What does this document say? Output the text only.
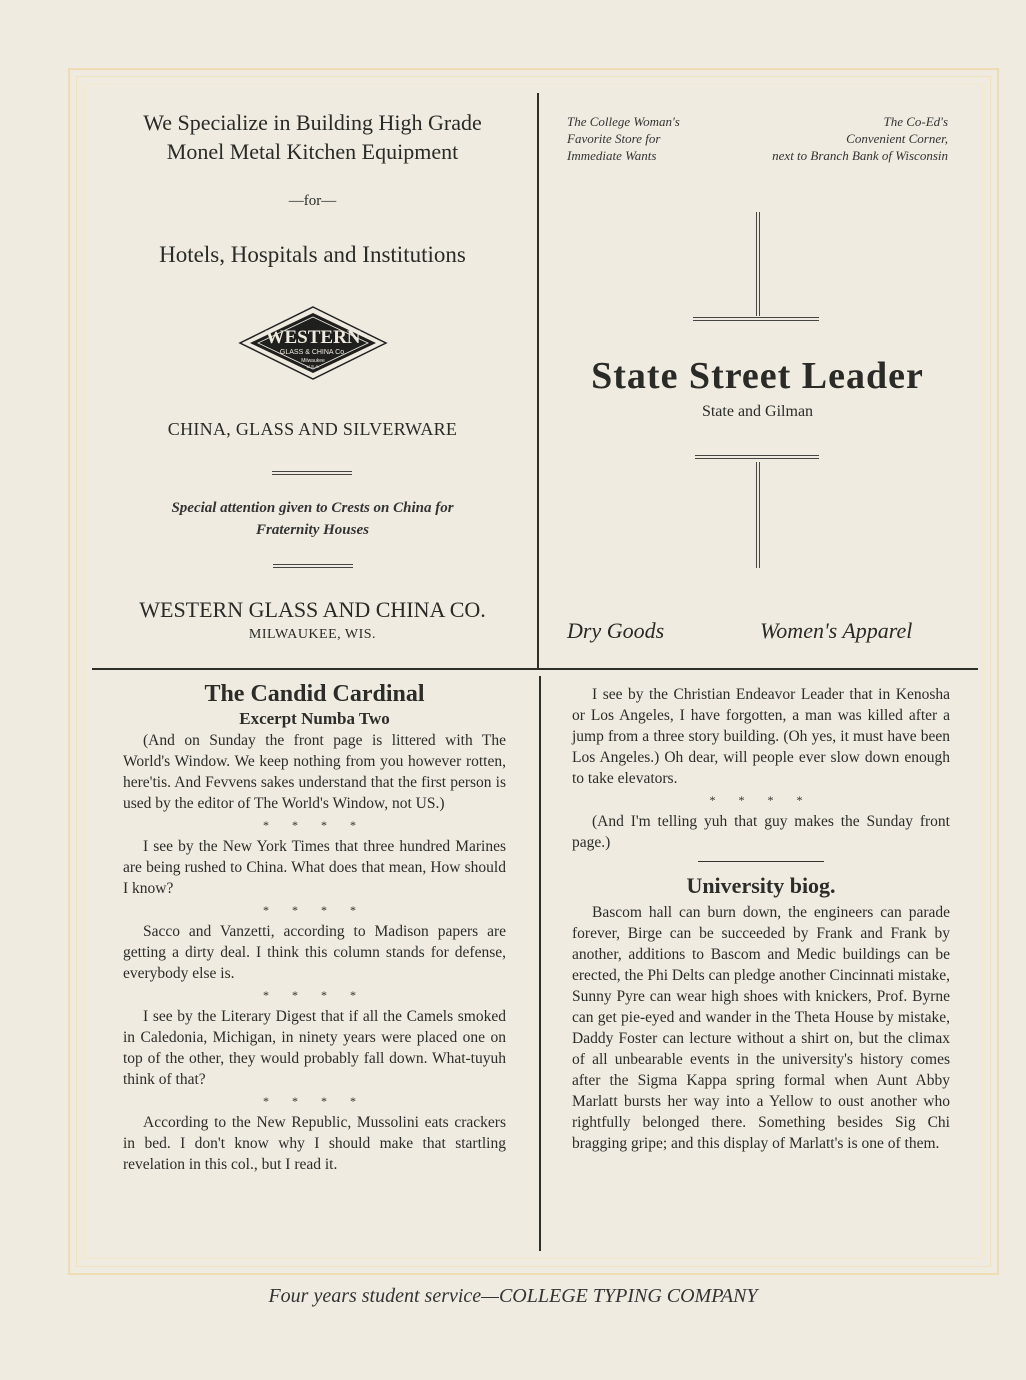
We Specialize in Building High Grade
Monel Metal Kitchen Equipment
—for—
Hotels, Hospitals and Institutions
WESTERN
GLASS & CHINA Co.
Milwaukee
U.S.A.
CHINA, GLASS AND SILVERWARE
Special attention given to Crests on China for
Fraternity Houses
WESTERN GLASS AND CHINA CO.
MILWAUKEE, WIS.
The College Woman's
Favorite Store for
Immediate Wants
The Co-Ed's
Convenient Corner,
next to Branch Bank of Wisconsin
State Street Leader
State and Gilman
Dry Goods	Women's Apparel
The Candid Cardinal
Excerpt Numba Two

(And on Sunday the front page is littered with The World's Window. We keep nothing from you however rotten, here'tis. And Fevvens sakes understand that the first person is used by the editor of The World's Window, not US.)

* * * *

I see by the New York Times that three hundred Marines are being rushed to China. What does that mean, How should I know?

* * * *

Sacco and Vanzetti, according to Madison papers are getting a dirty deal. I think this column stands for defense, everybody else is.

* * * *

I see by the Literary Digest that if all the Camels smoked in Caledonia, Michigan, in ninety years were placed one on top of the other, they would probably fall down. What-tuyuh think of that?

* * * *

According to the New Republic, Mussolini eats crackers in bed. I don't know why I should make that startling revelation in this col., but I read it.

I see by the Christian Endeavor Leader that in Kenosha or Los Angeles, I have forgotten, a man was killed after a jump from a three story building. (Oh yes, it must have been Los Angeles.) Oh dear, will people ever slow down enough to take elevators.

* * * *

(And I'm telling yuh that guy makes the Sunday front page.)

University biog.

Bascom hall can burn down, the engineers can parade forever, Birge can be succeeded by Frank and Frank by another, additions to Bascom and Medic buildings can be erected, the Phi Delts can pledge another Cincinnati mistake, Sunny Pyre can wear high shoes with knickers, Prof. Byrne can get pie-eyed and wander in the Theta House by mistake, Daddy Foster can lecture without a shirt on, but the climax of all unbearable events in the university's history comes after the Sigma Kappa spring formal when Aunt Abby Marlatt bursts her way into a Yellow to oust another who rightfully belonged there. Something besides Sig Chi bragging gripe; and this display of Marlatt's is one of them.

Four years student service—COLLEGE TYPING COMPANY
